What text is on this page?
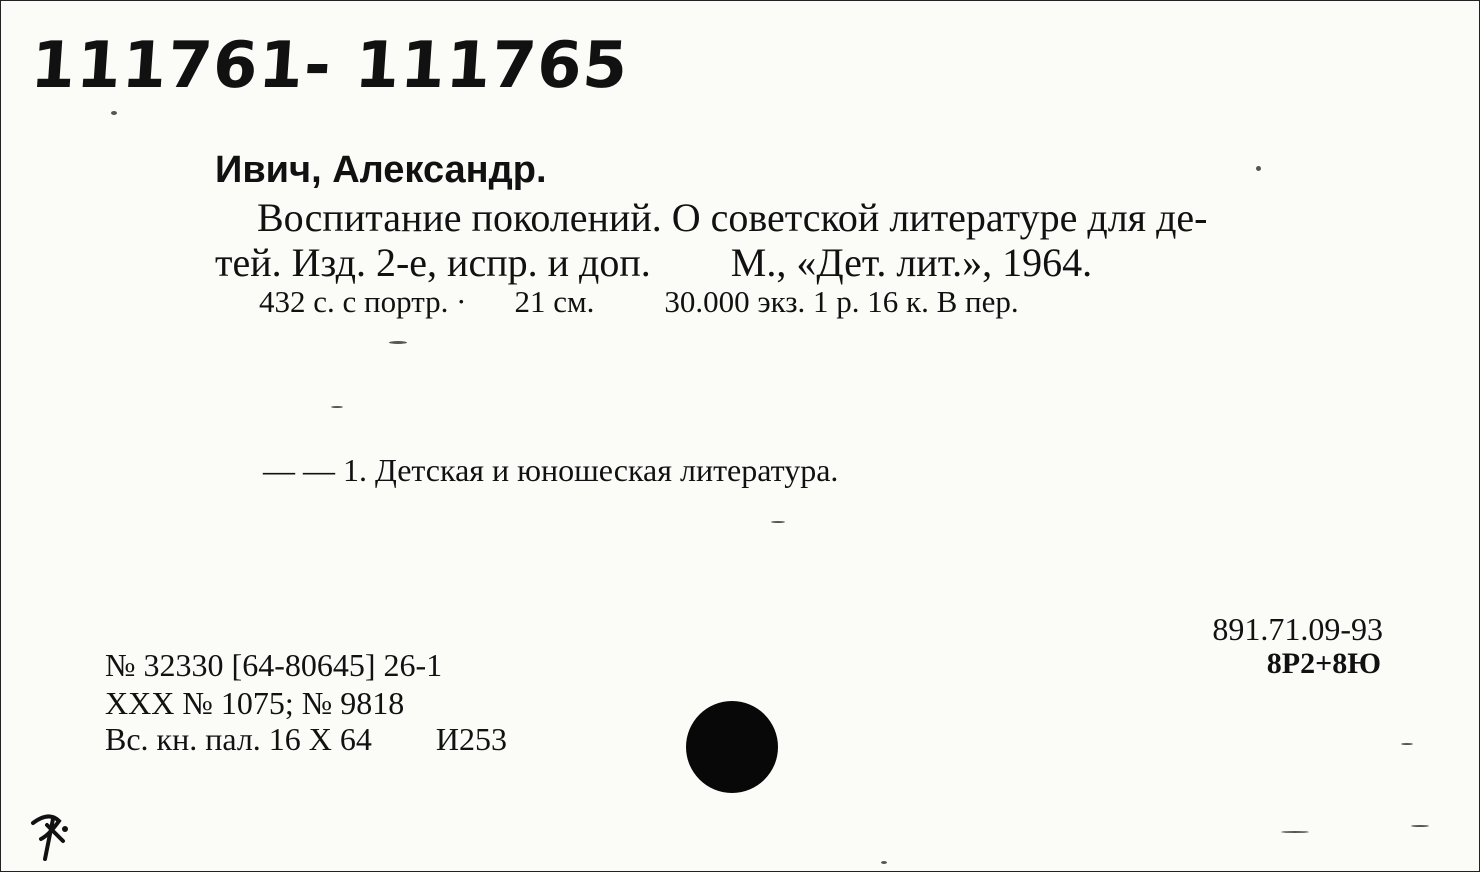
111761- 111765
Ивич, Александр.
Воспитание поколений. О советской литературе для де-
тей. Изд. 2-е, испр. и доп. М., «Дет. лит.», 1964.
432 с. с портр. · 21 см. 30.000 экз. 1 р. 16 к. В пер.
— — 1. Детская и юношеская литература.
891.71.09-93
8Р2+8Ю
№ 32330 [64-80645] 26-1
XXX № 1075; № 9818
Вс. кн. пал. 16 X 64 И253
